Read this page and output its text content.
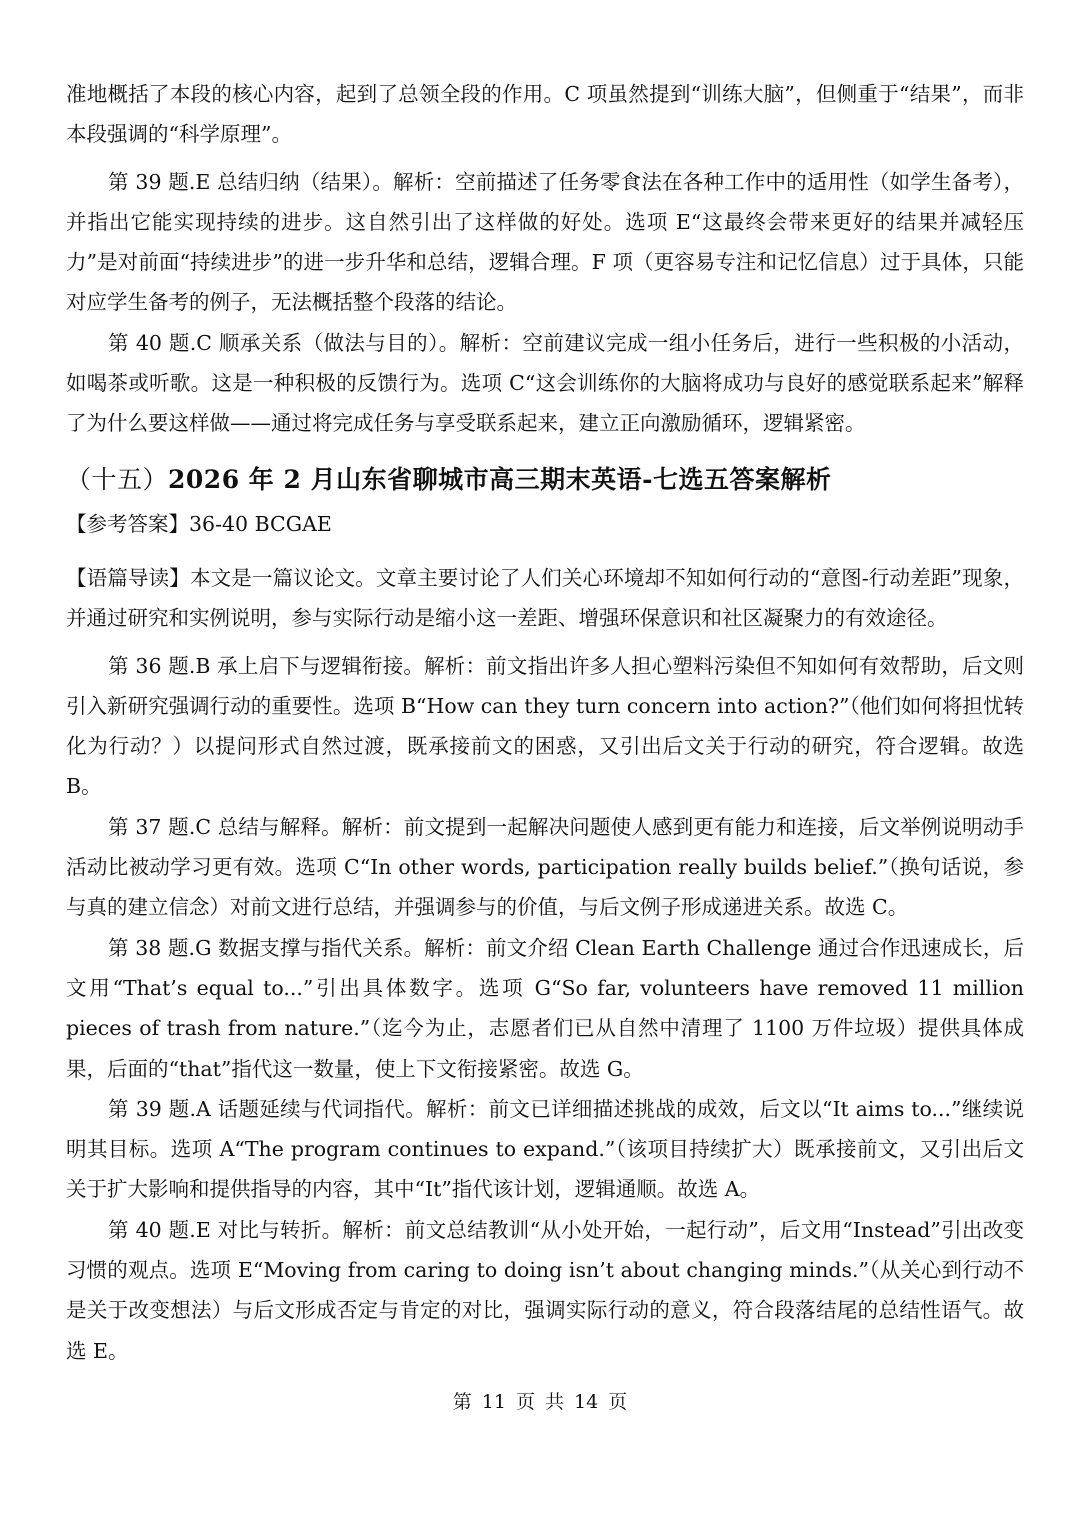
准地概括了本段的核心内容，起到了总领全段的作用。C 项虽然提到“训练大脑”，但侧重于“结果”，而非本段强调的“科学原理”。

第 39 题.E 总结归纳（结果）。解析：空前描述了任务零食法在各种工作中的适用性（如学生备考），并指出它能实现持续的进步。这自然引出了这样做的好处。选项 E“这最终会带来更好的结果并减轻压力”是对前面“持续进步”的进一步升华和总结，逻辑合理。F 项（更容易专注和记忆信息）过于具体，只能对应学生备考的例子，无法概括整个段落的结论。

第 40 题.C 顺承关系（做法与目的）。解析：空前建议完成一组小任务后，进行一些积极的小活动，如喝茶或听歌。这是一种积极的反馈行为。选项 C“这会训练你的大脑将成功与良好的感觉联系起来”解释了为什么要这样做——通过将完成任务与享受联系起来，建立正向激励循环，逻辑紧密。

（十五）2026 年 2 月山东省聊城市高三期末英语-七选五答案解析

【参考答案】36-40 BCGAE

【语篇导读】本文是一篇议论文。文章主要讨论了人们关心环境却不知如何行动的“意图-行动差距”现象，并通过研究和实例说明，参与实际行动是缩小这一差距、增强环保意识和社区凝聚力的有效途径。

第 36 题.B 承上启下与逻辑衔接。解析：前文指出许多人担心塑料污染但不知如何有效帮助，后文则引入新研究强调行动的重要性。选项 B“How can they turn concern into action?”（他们如何将担忧转化为行动？）以提问形式自然过渡，既承接前文的困惑，又引出后文关于行动的研究，符合逻辑。故选 B。

第 37 题.C 总结与解释。解析：前文提到一起解决问题使人感到更有能力和连接，后文举例说明动手活动比被动学习更有效。选项 C“In other words, participation really builds belief.”（换句话说，参与真的建立信念）对前文进行总结，并强调参与的价值，与后文例子形成递进关系。故选 C。

第 38 题.G 数据支撑与指代关系。解析：前文介绍 Clean Earth Challenge 通过合作迅速成长，后文用“That’s equal to...”引出具体数字。选项 G“So far, volunteers have removed 11 million pieces of trash from nature.”（迄今为止，志愿者们已从自然中清理了 1100 万件垃圾）提供具体成果，后面的“that”指代这一数量，使上下文衔接紧密。故选 G。

第 39 题.A 话题延续与代词指代。解析：前文已详细描述挑战的成效，后文以“It aims to...”继续说明其目标。选项 A“The program continues to expand.”（该项目持续扩大）既承接前文，又引出后文关于扩大影响和提供指导的内容，其中“It”指代该计划，逻辑通顺。故选 A。

第 40 题.E 对比与转折。解析：前文总结教训“从小处开始，一起行动”，后文用“Instead”引出改变习惯的观点。选项 E“Moving from caring to doing isn’t about changing minds.”（从关心到行动不是关于改变想法）与后文形成否定与肯定的对比，强调实际行动的意义，符合段落结尾的总结性语气。故选 E。

第 11 页 共 14 页
